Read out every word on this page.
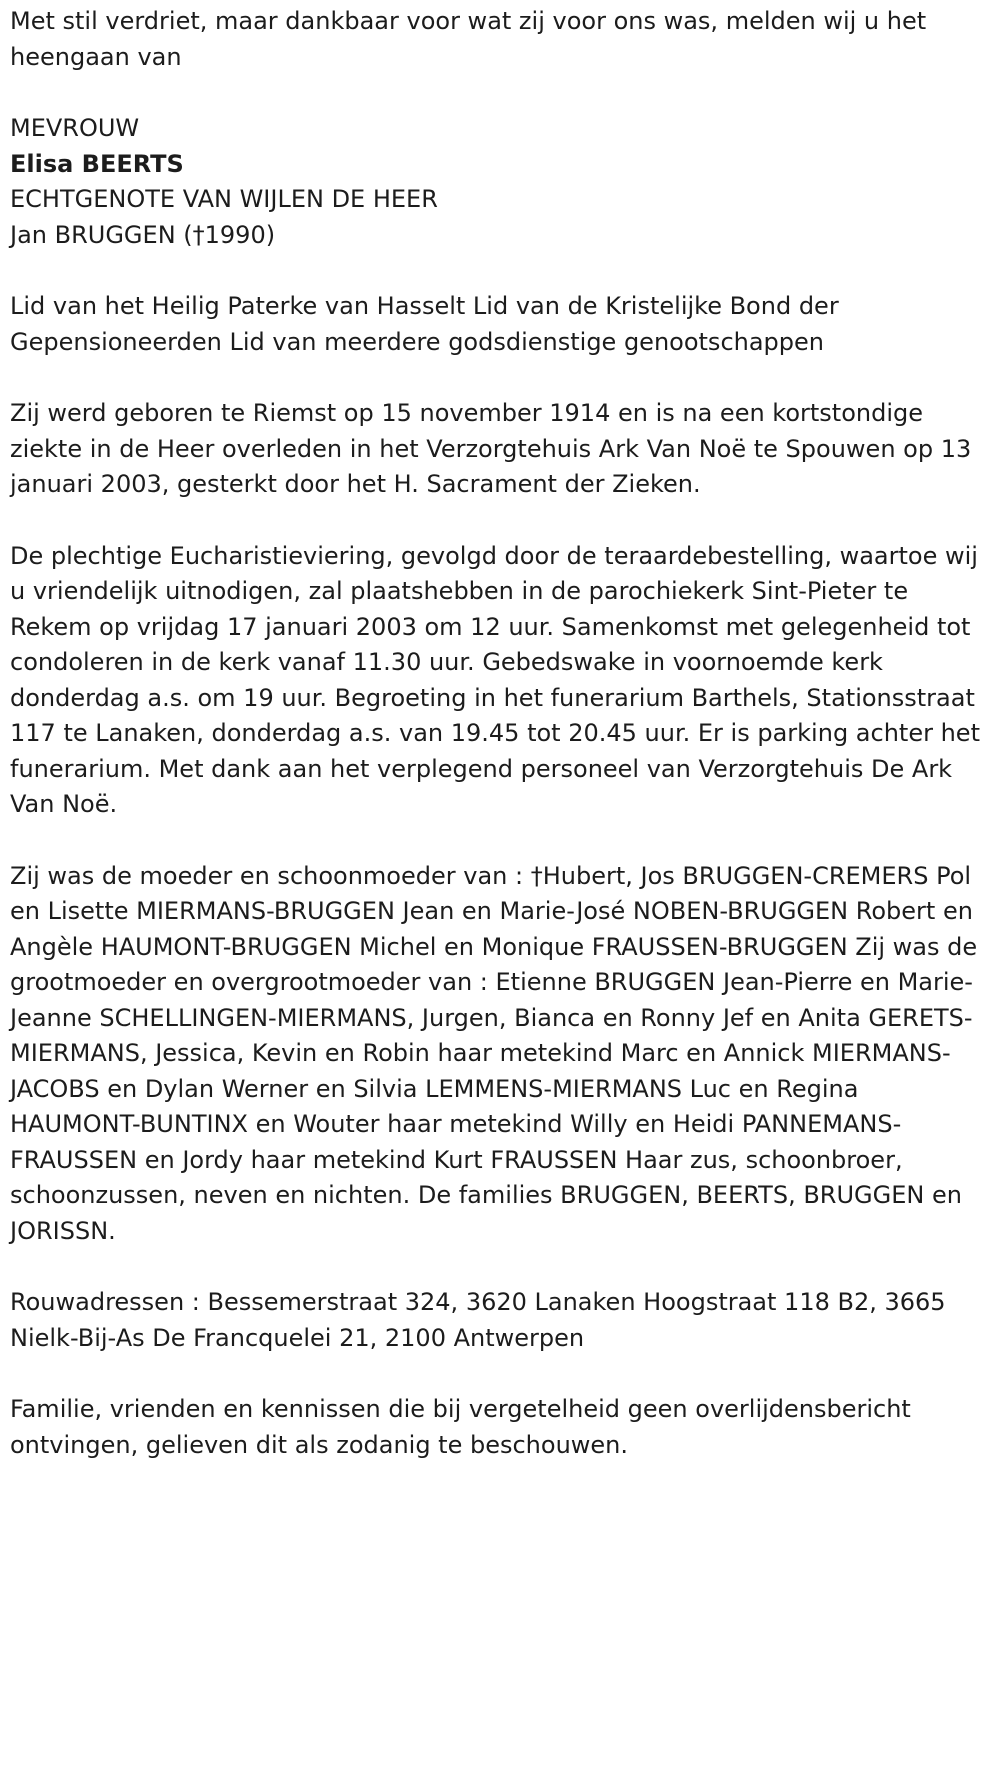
Met stil verdriet, maar dankbaar voor wat zij voor ons was, melden wij u het heengaan van

MEVROUW

Elisa BEERTS

ECHTGENOTE VAN WIJLEN DE HEER

Jan BRUGGEN (†1990)

Lid van het Heilig Paterke van Hasselt Lid van de Kristelijke Bond der Gepensioneerden Lid van meerdere godsdienstige genootschappen

Zij werd geboren te Riemst op 15 november 1914 en is na een kortstondige ziekte in de Heer overleden in het Verzorgtehuis Ark Van Noë te Spouwen op 13 januari 2003, gesterkt door het H. Sacrament der Zieken.

De plechtige Eucharistieviering, gevolgd door de teraardebestelling, waartoe wij u vriendelijk uitnodigen, zal plaatshebben in de parochiekerk Sint-Pieter te Rekem op vrijdag 17 januari 2003 om 12 uur. Samenkomst met gelegenheid tot condoleren in de kerk vanaf 11.30 uur. Gebedswake in voornoemde kerk donderdag a.s. om 19 uur. Begroeting in het funerarium Barthels, Stationsstraat 117 te Lanaken, donderdag a.s. van 19.45 tot 20.45 uur. Er is parking achter het funerarium. Met dank aan het verplegend personeel van Verzorgtehuis De Ark Van Noë.

Zij was de moeder en schoonmoeder van : †Hubert, Jos BRUGGEN-CREMERS Pol en Lisette MIERMANS-BRUGGEN Jean en Marie-José NOBEN-BRUGGEN Robert en Angèle HAUMONT-BRUGGEN Michel en Monique FRAUSSEN-BRUGGEN Zij was de grootmoeder en overgrootmoeder van : Etienne BRUGGEN Jean-Pierre en Marie-Jeanne SCHELLINGEN-MIERMANS, Jurgen, Bianca en Ronny Jef en Anita GERETS-MIERMANS, Jessica, Kevin en Robin haar metekind Marc en Annick MIERMANS-JACOBS en Dylan Werner en Silvia LEMMENS-MIERMANS Luc en Regina HAUMONT-BUNTINX en Wouter haar metekind Willy en Heidi PANNEMANS-FRAUSSEN en Jordy haar metekind Kurt FRAUSSEN Haar zus, schoonbroer, schoonzussen, neven en nichten. De families BRUGGEN, BEERTS, BRUGGEN en JORISSN.

Rouwadressen : Bessemerstraat 324, 3620 Lanaken Hoogstraat 118 B2, 3665 Nielk-Bij-As De Francquelei 21, 2100 Antwerpen

Familie, vrienden en kennissen die bij vergetelheid geen overlijdensbericht ontvingen, gelieven dit als zodanig te beschouwen.
